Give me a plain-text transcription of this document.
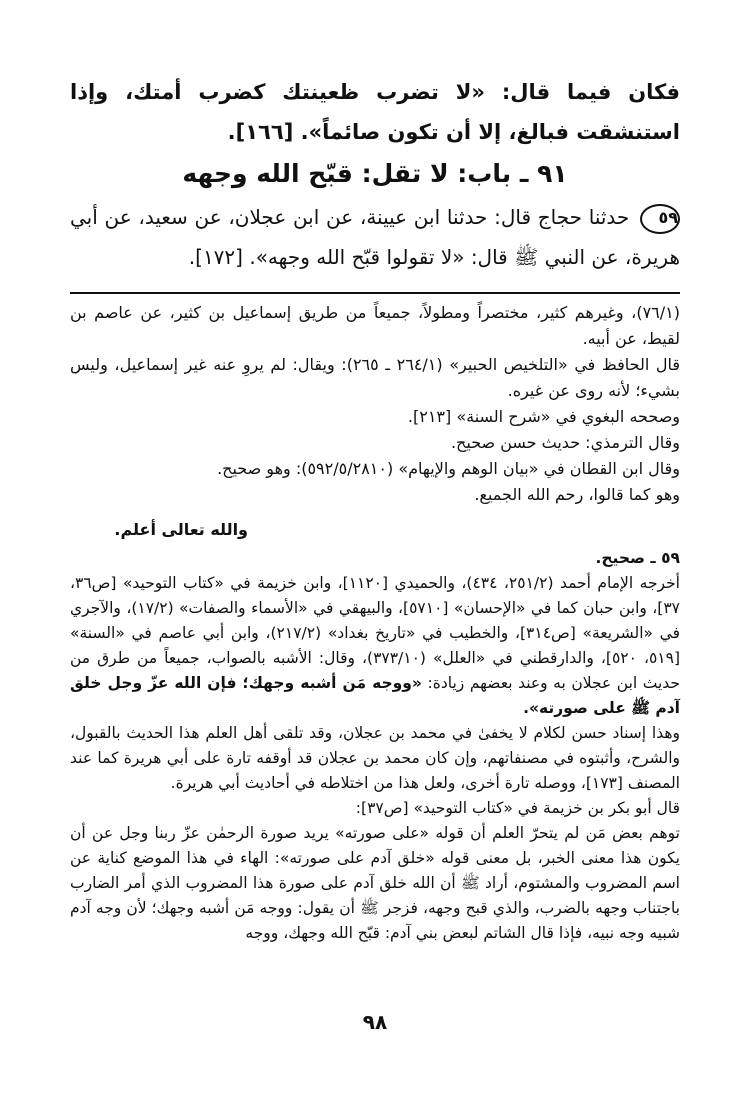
فكان فيما قال: «لا تضرب ظعينتك كضرب أمتك، وإذا استنشقت فبالغ، إلا أن تكون صائماً». [١٦٦].
٩١ ـ باب: لا تقل: قبّح الله وجهه
٥٩ حدثنا حجاج قال: حدثنا ابن عيينة، عن ابن عجلان، عن سعيد، عن أبي هريرة، عن النبي ﷺ قال: «لا تقولوا قبّح الله وجهه». [١٧٢].

(٧٦/١)، وغيرهم كثير، مختصراً ومطولاً، جميعاً من طريق إسماعيل بن كثير، عن عاصم بن لقيط، عن أبيه.

قال الحافظ في «التلخيص الحبير» (٢٦٤/١ ـ ٢٦٥): ويقال: لم يروِ عنه غير إسماعيل، وليس بشيء؛ لأنه روى عن غيره.

وصححه البغوي في «شرح السنة» [٢١٣].

وقال الترمذي: حديث حسن صحيح.

وقال ابن القطان في «بيان الوهم والإيهام» (٥٩٢/٥/٢٨١٠): وهو صحيح.

وهو كما قالوا، رحم الله الجميع.

والله تعالى أعلم.

٥٩ ـ صحيح.

أخرجه الإمام أحمد (٢٥١/٢، ٤٣٤)، والحميدي [١١٢٠]، وابن خزيمة في «كتاب التوحيد» [ص٣٦، ٣٧]، وابن حبان كما في «الإحسان» [٥٧١٠]، والبيهقي في «الأسماء والصفات» (١٧/٢)، والآجري في «الشريعة» [ص٣١٤]، والخطيب في «تاريخ بغداد» (٢١٧/٢)، وابن أبي عاصم في «السنة» [٥١٩، ٥٢٠]، والدارقطني في «العلل» (٣٧٣/١٠)، وقال: الأشبه بالصواب، جميعاً من طرق من حديث ابن عجلان به وعند بعضهم زيادة: «ووجه مَن أشبه وجهك؛ فإن الله عزّ وجل خلق آدم ﷺ على صورته».

وهذا إسناد حسن لكلام لا يخفىٰ في محمد بن عجلان، وقد تلقى أهل العلم هذا الحديث بالقبول، والشرح، وأثبتوه في مصنفاتهم، وإن كان محمد بن عجلان قد أوقفه تارة على أبي هريرة كما عند المصنف [١٧٣]، ووصله تارة أخرى، ولعل هذا من اختلاطه في أحاديث أبي هريرة.

قال أبو بكر بن خزيمة في «كتاب التوحيد» [ص٣٧]:

توهم بعض مَن لم يتحرّ العلم أن قوله «على صورته» يريد صورة الرحمٰن عزّ ربنا وجل عن أن يكون هذا معنى الخبر، بل معنى قوله «خلق آدم على صورته»: الهاء في هذا الموضع كناية عن اسم المضروب والمشتوم، أراد ﷺ أن الله خلق آدم على صورة هذا المضروب الذي أمر الضارب باجتناب وجهه بالضرب، والذي قبح وجهه، فزجر ﷺ أن يقول: ووجه مَن أشبه وجهك؛ لأن وجه آدم شبيه وجه نبيه، فإذا قال الشاتم لبعض بني آدم: قبّح الله وجهك، ووجه

٩٨
